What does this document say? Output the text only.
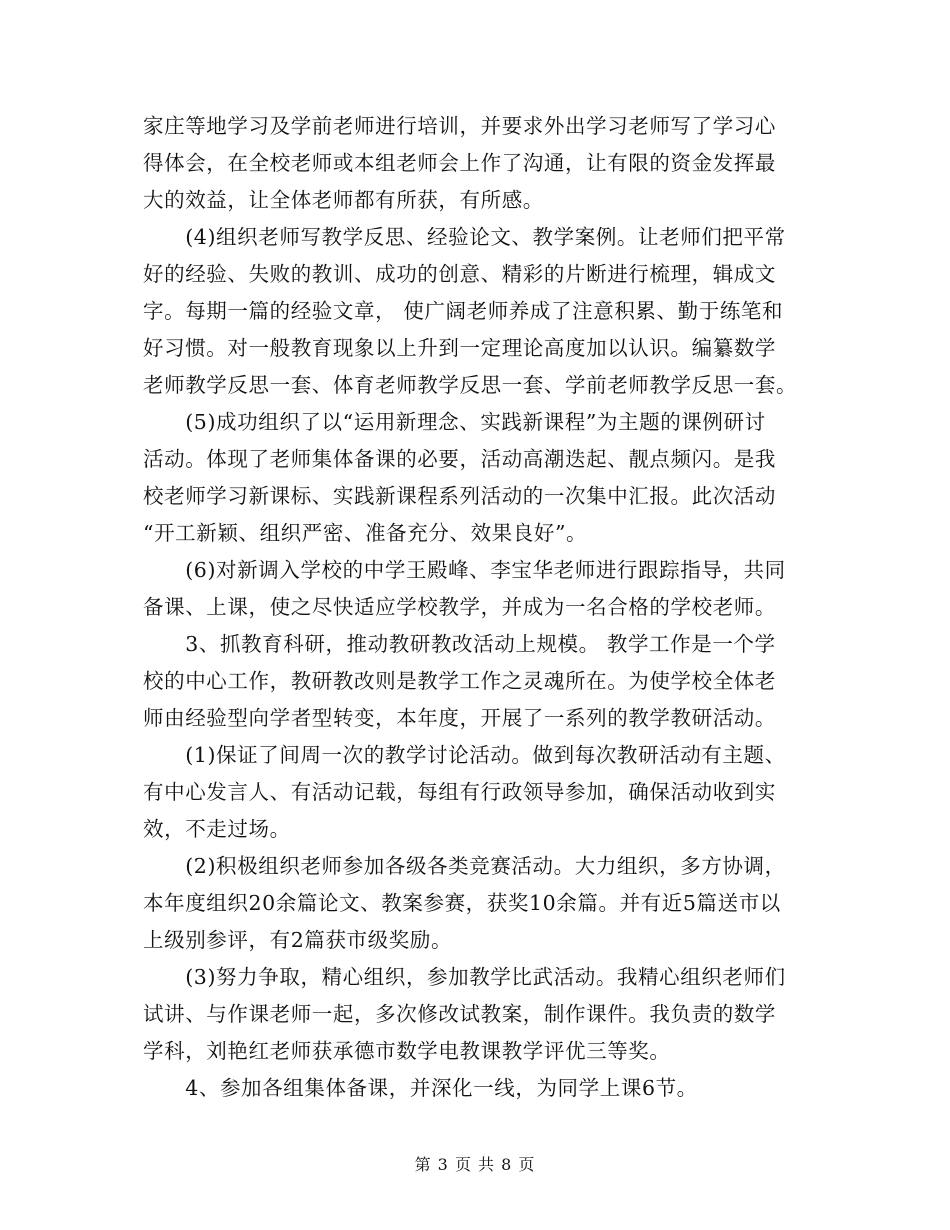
家庄等地学习及学前老师进行培训，并要求外出学习老师写了学习心
得体会，在全校老师或本组老师会上作了沟通，让有限的资金发挥最
大的效益，让全体老师都有所获，有所感。
　　(4)组织老师写教学反思、经验论文、教学案例。让老师们把平常
好的经验、失败的教训、成功的创意、精彩的片断进行梳理，辑成文
字。每期一篇的经验文章， 使广阔老师养成了注意积累、勤于练笔和
好习惯。对一般教育现象以上升到一定理论高度加以认识。编纂数学
老师教学反思一套、体育老师教学反思一套、学前老师教学反思一套。
　　(5)成功组织了以“运用新理念、实践新课程”为主题的课例研讨
活动。体现了老师集体备课的必要，活动高潮迭起、靓点频闪。是我
校老师学习新课标、实践新课程系列活动的一次集中汇报。此次活动
“开工新颖、组织严密、准备充分、效果良好”。
　　(6)对新调入学校的中学王殿峰、李宝华老师进行跟踪指导，共同
备课、上课，使之尽快适应学校教学，并成为一名合格的学校老师。
　　3、抓教育科研，推动教研教改活动上规模。 教学工作是一个学
校的中心工作，教研教改则是教学工作之灵魂所在。为使学校全体老
师由经验型向学者型转变，本年度，开展了一系列的教学教研活动。
　　(1)保证了间周一次的教学讨论活动。做到每次教研活动有主题、
有中心发言人、有活动记载，每组有行政领导参加，确保活动收到实
效，不走过场。
　　(2)积极组织老师参加各级各类竞赛活动。大力组织，多方协调，
本年度组织20余篇论文、教案参赛，获奖10余篇。并有近5篇送市以
上级别参评，有2篇获市级奖励。
　　(3)努力争取，精心组织，参加教学比武活动。我精心组织老师们
试讲、与作课老师一起，多次修改试教案，制作课件。我负责的数学
学科，刘艳红老师获承德市数学电教课教学评优三等奖。
　　4、参加各组集体备课，并深化一线，为同学上课6节。
第 3 页 共 8 页
